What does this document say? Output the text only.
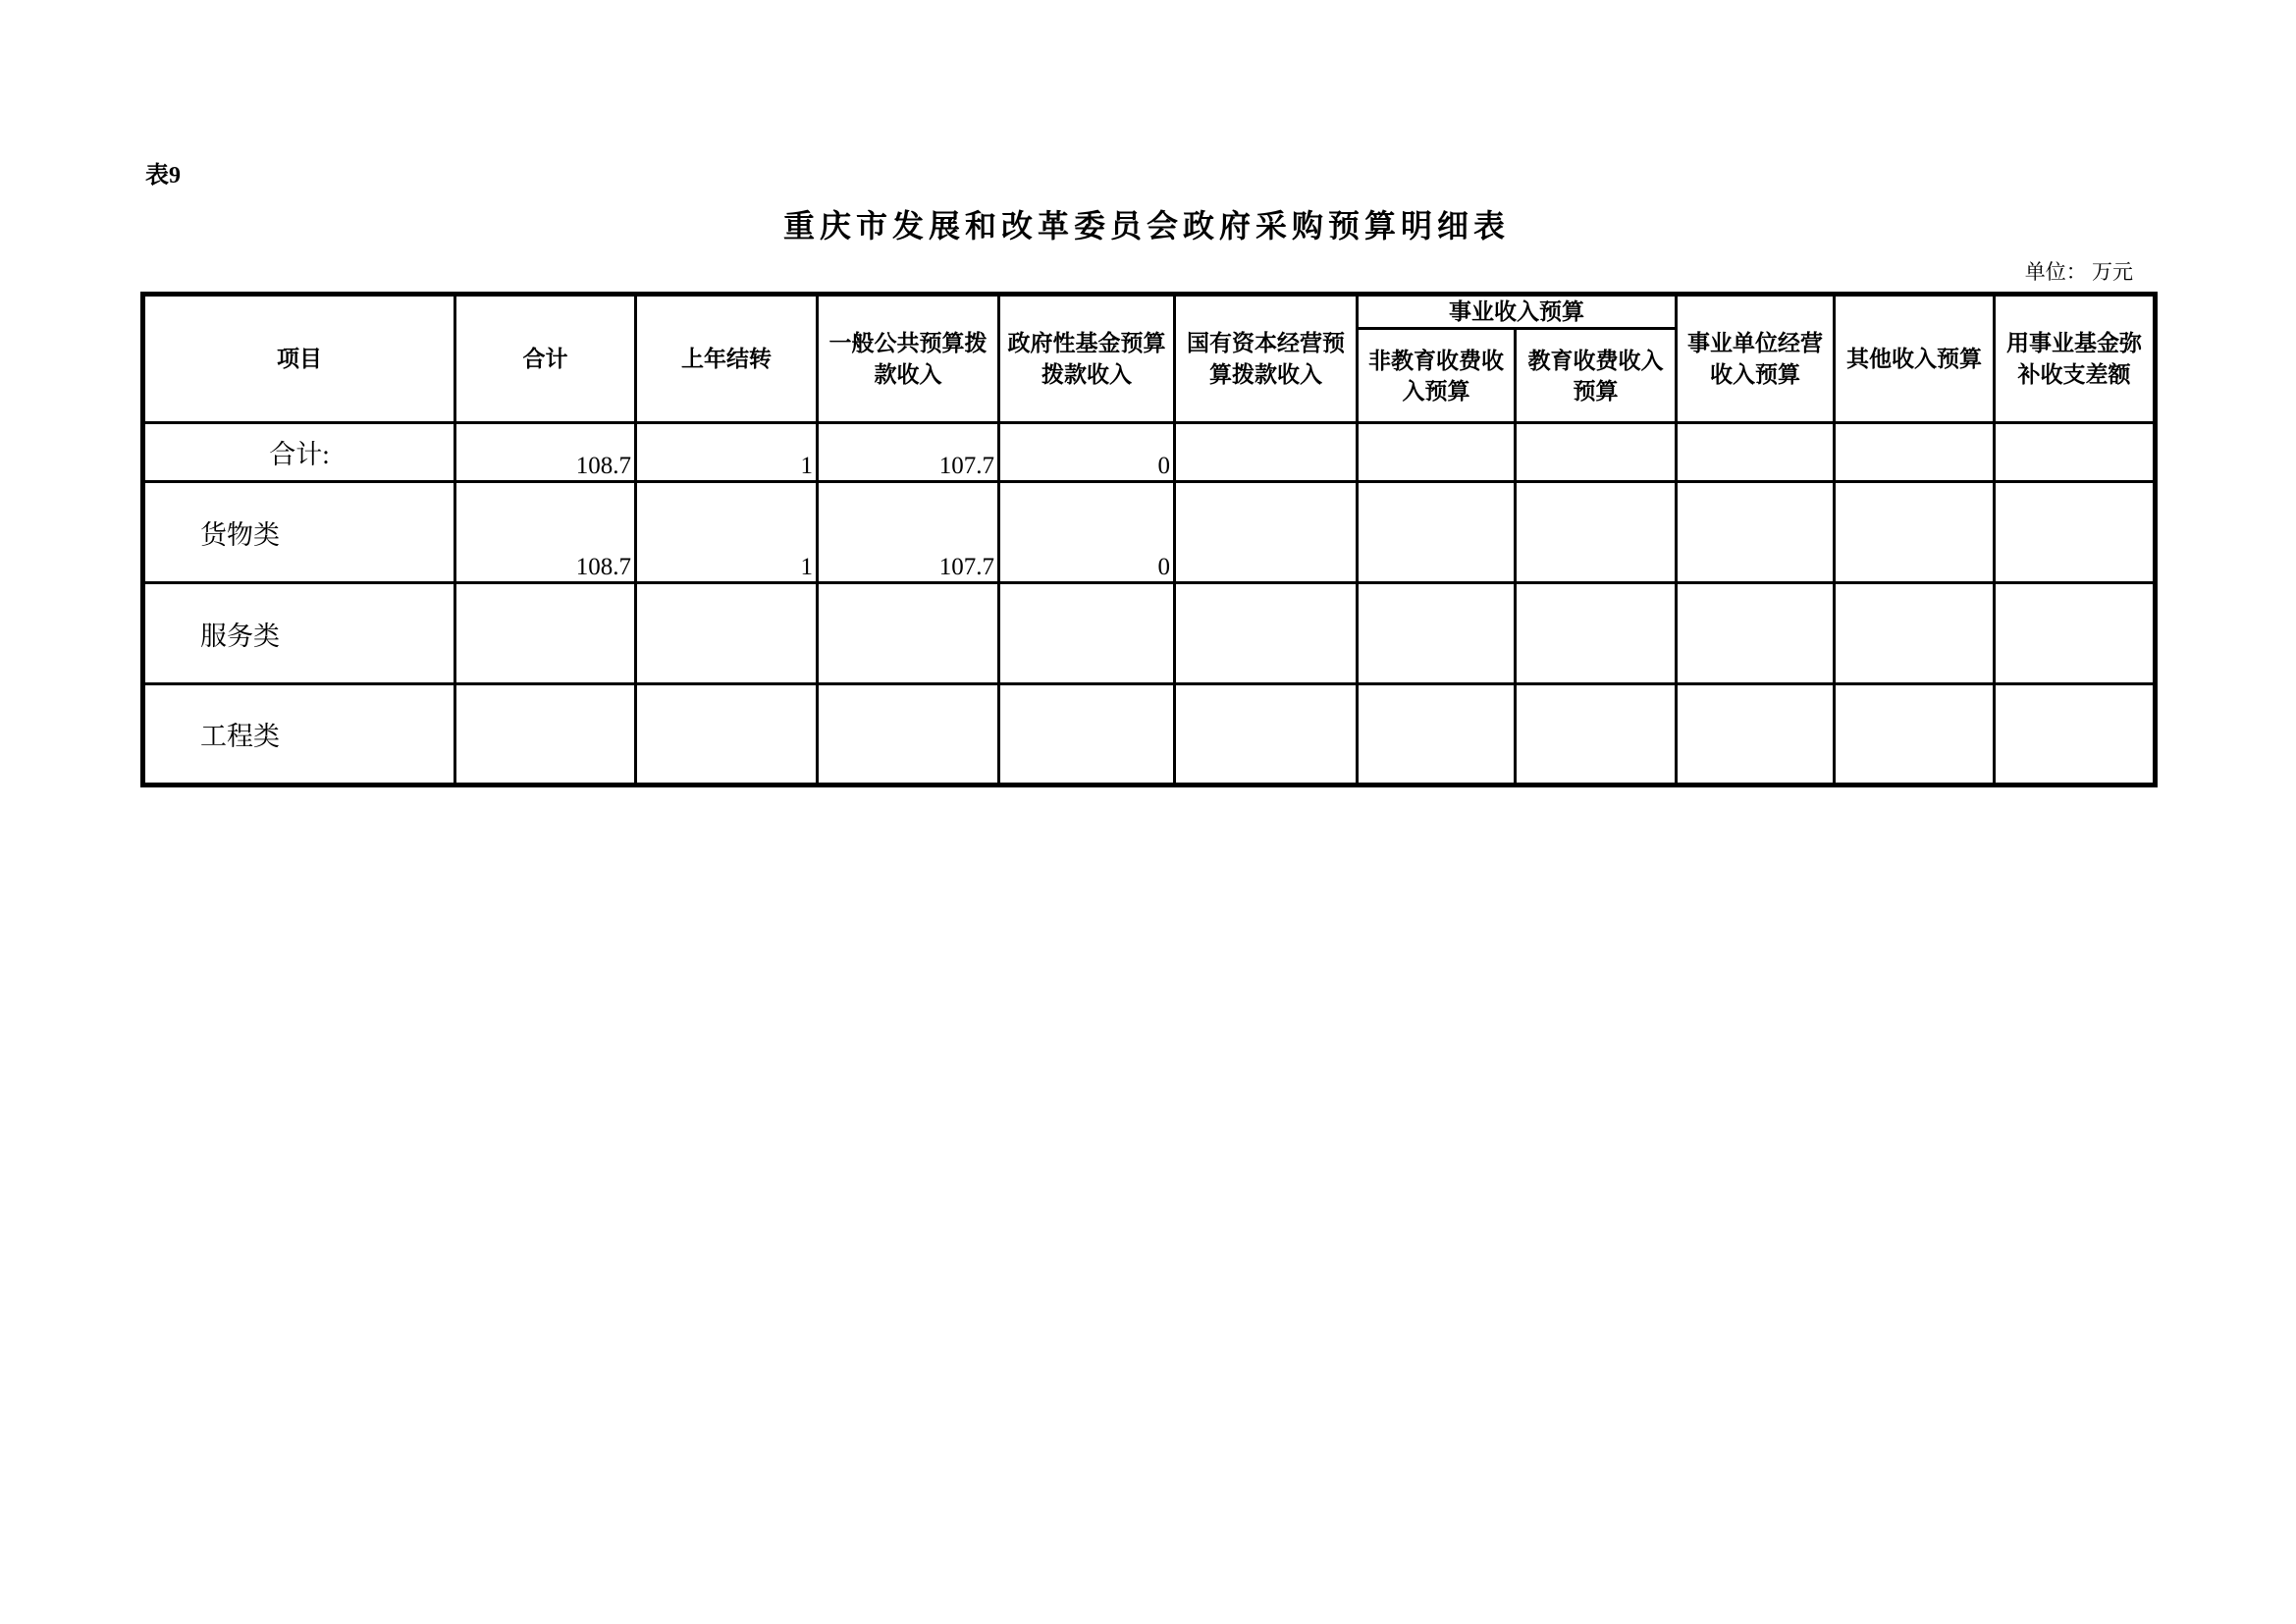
表9
重庆市发展和改革委员会政府采购预算明细表
单位： 万元
项目	合计	上年结转	一般公共预算拨款收入	政府性基金预算拨款收入	国有资本经营预算拨款收入	事业收入预算		事业单位经营收入预算	其他收入预算	用事业基金弥补收支差额
						非教育收费收入预算	教育收费收入预算			
合计:	108.7	1	107.7	0						
货物类	108.7	1	107.7	0						
服务类										
工程类										
